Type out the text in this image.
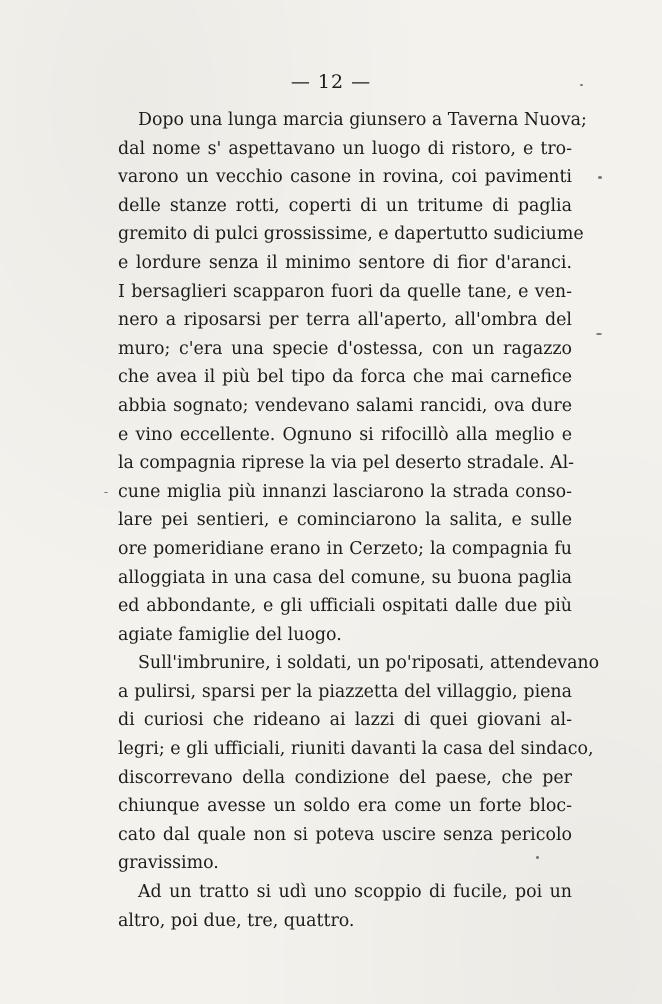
— 12 —
Dopo una lunga marcia giunsero a Taverna Nuova;
dal nome s' aspettavano un luogo di ristoro, e tro-
varono un vecchio casone in rovina, coi pavimenti
delle stanze rotti, coperti di un tritume di paglia
gremito di pulci grossissime, e dapertutto sudiciume
e lordure senza il minimo sentore di fior d'aranci.
I bersaglieri scapparon fuori da quelle tane, e ven-
nero a riposarsi per terra all'aperto, all'ombra del
muro; c'era una specie d'ostessa, con un ragazzo
che avea il più bel tipo da forca che mai carnefice
abbia sognato; vendevano salami rancidi, ova dure
e vino eccellente. Ognuno si rifocillò alla meglio e
la compagnia riprese la via pel deserto stradale. Al-
cune miglia più innanzi lasciarono la strada conso-
lare pei sentieri, e cominciarono la salita, e sulle
ore pomeridiane erano in Cerzeto; la compagnia fu
alloggiata in una casa del comune, su buona paglia
ed abbondante, e gli ufficiali ospitati dalle due più
agiate famiglie del luogo.
Sull'imbrunire, i soldati, un po'riposati, attendevano
a pulirsi, sparsi per la piazzetta del villaggio, piena
di curiosi che rideano ai lazzi di quei giovani al-
legri; e gli ufficiali, riuniti davanti la casa del sindaco,
discorrevano della condizione del paese, che per
chiunque avesse un soldo era come un forte bloc-
cato dal quale non si poteva uscire senza pericolo
gravissimo.
Ad un tratto si udì uno scoppio di fucile, poi un
altro, poi due, tre, quattro.
